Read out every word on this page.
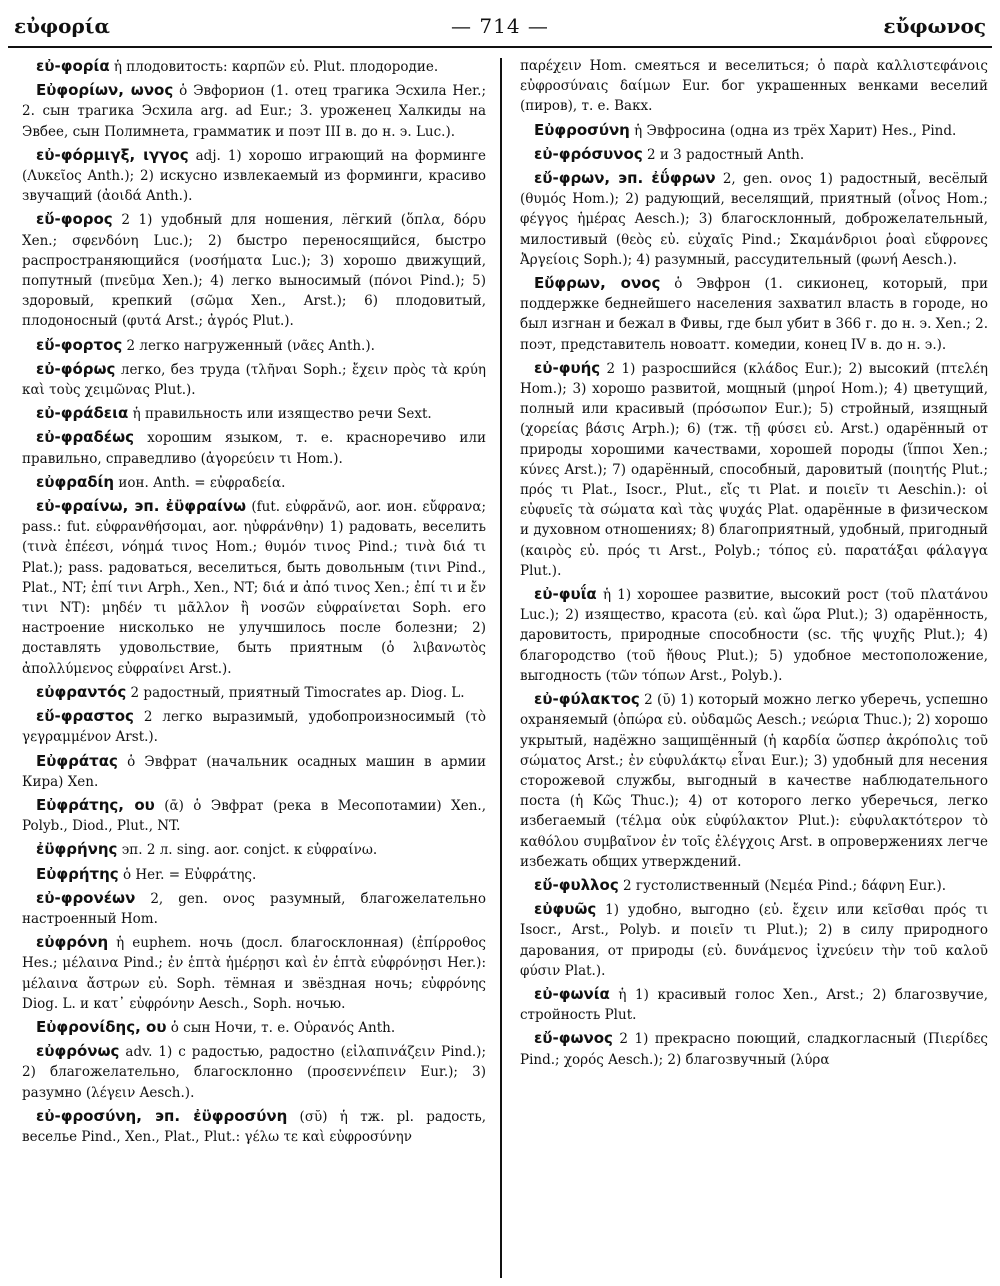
εὐφορία	— 714 —	εὔφωνος

εὐ-φορία ἡ плодовитость: καρπῶν εὐ. Plut. плодородие.

Εὐφορίων, ωνος ὁ Эвфорион (1. отец трагика Эсхила Her.; 2. сын трагика Эсхила arg. ad Eur.; 3. уроженец Халкиды на Эвбее, сын Полимнета, грамматик и поэт III в. до н. э. Luc.).

εὐ-φόρμιγξ, ιγγος adj. 1) хорошо играющий на форминге (Λυκεῖος Anth.); 2) искусно извлекаемый из форминги, красиво звучащий (ἀοιδά Anth.).

εὔ-φορος 2 1) удобный для ношения, лёгкий (ὅπλα, δόρυ Xen.; σφενδόνη Luc.); 2) быстро переносящийся, быстро распространяющийся (νοσήματα Luc.); 3) хорошо движущий, попутный (πνεῦμα Xen.); 4) легко выносимый (πόνοι Pind.); 5) здоровый, крепкий (σῶμα Xen., Arst.); 6) плодовитый, плодоносный (φυτά Arst.; ἀγρός Plut.).

εὔ-φορτος 2 легко нагруженный (νᾶες Anth.).

εὐ-φόρως легко, без труда (τλῆναι Soph.; ἔχειν πρὸς τὰ κρύη καὶ τοὺς χειμῶνας Plut.).

εὐ-φράδεια ἡ правильность или изящество речи Sext.

εὐ-φραδέως хорошим языком, т. е. красноречиво или правильно, справедливо (ἀγορεύειν τι Hom.).

εὐφραδίη ион. Anth. = εὐφραδεία.

εὐ-φραίνω, эп. ἐϋφραίνω (fut. εὐφρᾰνῶ, aor. ион. εὔφρανα; pass.: fut. εὐφρανθήσομαι, aor. ηὐφράνθην) 1) радовать, веселить (τινὰ ἐπέεσι, νόημά τινος Hom.; θυμόν τινος Pind.; τινὰ διά τι Plat.); pass. радоваться, веселиться, быть довольным (τινι Pind., Plat., NT; ἐπί τινι Arph., Xen., NT; διά и ἀπό τινος Xen.; ἐπί τι и ἔν τινι NT): μηδέν τι μᾶλλον ἢ νοσῶν εὐφραίνεται Soph. его настроение нисколько не улучшилось после болезни; 2) доставлять удовольствие, быть приятным (ὁ λιβανωτὸς ἀπολλύμενος εὐφραίνει Arst.).

εὐφραντός 2 радостный, приятный Timocrates ap. Diog. L.

εὔ-φραστος 2 легко выразимый, удобопроизносимый (τὸ γεγραμμένον Arst.).

Εὐφράτας ὁ Эвфрат (начальник осадных машин в армии Кира) Xen.

Εὐφράτης, ου (ᾱ) ὁ Эвфрат (река в Месопотамии) Xen., Polyb., Diod., Plut., NT.

ἐϋφρήνης эп. 2 л. sing. aor. conjct. к εὐφραίνω.

Εὐφρήτης ὁ Her. = Εὐφράτης.

εὐ-φρονέων 2, gen. ονος разумный, благожелательно настроенный Hom.

εὐφρόνη ἡ euphem. ночь (досл. благосклонная) (ἐπίρροθος Hes.; μέλαινα Pind.; ἐν ἑπτὰ ἡμέρῃσι καὶ ἐν ἑπτὰ εὐφρόνῃσι Her.): μέλαινα ἄστρων εὐ. Soph. тёмная и звёздная ночь; εὐφρόνης Diog. L. и κατ᾽ εὐφρόνην Aesch., Soph. ночью.

Εὐφρονίδης, ου ὁ сын Ночи, т. е. Οὐρανός Anth.

εὐφρόνως adv. 1) с радостью, радостно (εἰλαπινάζειν Pind.); 2) благожелательно, благосклонно (προσεννέπειν Eur.); 3) разумно (λέγειν Aesch.).

εὐ-φροσύνη, эп. ἐϋφροσύνη (σῠ) ἡ тж. pl. радость, веселье Pind., Xen., Plat., Plut.: γέλω τε καὶ εὐφροσύνην

παρέχειν Hom. смеяться и веселиться; ὁ παρὰ καλλιστεφάνοις εὐφροσύναις δαίμων Eur. бог украшенных венками веселий (пиров), т. е. Вакх.

Εὐφροσύνη ἡ Эвфросина (одна из трёх Харит) Hes., Pind.

εὐ-φρόσυνος 2 и 3 радостный Anth.

εὔ-φρων, эп. ἐΰφρων 2, gen. ονος 1) радостный, весёлый (θυμός Hom.); 2) радующий, веселящий, приятный (οἶνος Hom.; φέγγος ἡμέρας Aesch.); 3) благосклонный, доброжелательный, милостивый (θεὸς εὐ. εὐχαῖς Pind.; Σκαμάνδριοι ῥοαὶ εὔφρονες Ἀργείοις Soph.); 4) разумный, рассудительный (φωνή Aesch.).

Εὔφρων, ονος ὁ Эвфрон (1. сикионец, который, при поддержке беднейшего населения захватил власть в городе, но был изгнан и бежал в Фивы, где был убит в 366 г. до н. э. Xen.; 2. поэт, представитель новоатт. комедии, конец IV в. до н. э.).

εὐ-φυής 2 1) разросшийся (κλάδος Eur.); 2) высокий (πτελέη Hom.); 3) хорошо развитой, мощный (μηροί Hom.); 4) цветущий, полный или красивый (πρόσωπον Eur.); 5) стройный, изящный (χορείας βάσις Arph.); 6) (тж. τῇ φύσει εὐ. Arst.) одарённый от природы хорошими качествами, хорошей породы (ἵπποι Xen.; κύνες Arst.); 7) одарённый, способный, даровитый (ποιητής Plut.; πρός τι Plat., Isocr., Plut., εἴς τι Plat. и ποιεῖν τι Aeschin.): οἱ εὐφυεῖς τὰ σώματα καὶ τὰς ψυχάς Plat. одарённые в физическом и духовном отношениях; 8) благоприятный, удобный, пригодный (καιρὸς εὐ. πρός τι Arst., Polyb.; τόπος εὐ. παρατάξαι φάλαγγα Plut.).

εὐ-φυΐα ἡ 1) хорошее развитие, высокий рост (τοῦ πλατάνου Luc.); 2) изящество, красота (εὐ. καὶ ὥρα Plut.); 3) одарённость, даровитость, природные способности (sc. τῆς ψυχῆς Plut.); 4) благородство (τοῦ ἤθους Plut.); 5) удобное местоположение, выгодность (τῶν τόπων Arst., Polyb.).

εὐ-φύλακτος 2 (ῠ) 1) который можно легко уберечь, успешно охраняемый (ὀπώρα εὐ. οὐδαμῶς Aesch.; νεώρια Thuc.); 2) хорошо укрытый, надёжно защищённый (ἡ καρδία ὥσπερ ἀκρόπολις τοῦ σώματος Arst.; ἐν εὐφυλάκτῳ εἶναι Eur.); 3) удобный для несения сторожевой службы, выгодный в качестве наблюдательного поста (ἡ Κῶς Thuc.); 4) от которого легко уберечься, легко избегаемый (τέλμα οὐκ εὐφύλακτον Plut.): εὐφυλακτότερον τὸ καθόλου συμβαῖνον ἐν τοῖς ἐλέγχοις Arst. в опровержениях легче избежать общих утверждений.

εὔ-φυλλος 2 густолиственный (Νεμέα Pind.; δάφνη Eur.).

εὐφυῶς 1) удобно, выгодно (εὐ. ἔχειν или κεῖσθαι πρός τι Isocr., Arst., Polyb. и ποιεῖν τι Plut.); 2) в силу природного дарования, от природы (εὐ. δυνάμενος ἰχνεύειν τὴν τοῦ καλοῦ φύσιν Plat.).

εὐ-φωνία ἡ 1) красивый голос Xen., Arst.; 2) благозвучие, стройность Plut.

εὔ-φωνος 2 1) прекрасно поющий, сладкогласный (Πιερίδες Pind.; χορός Aesch.); 2) благозвучный (λύρα
